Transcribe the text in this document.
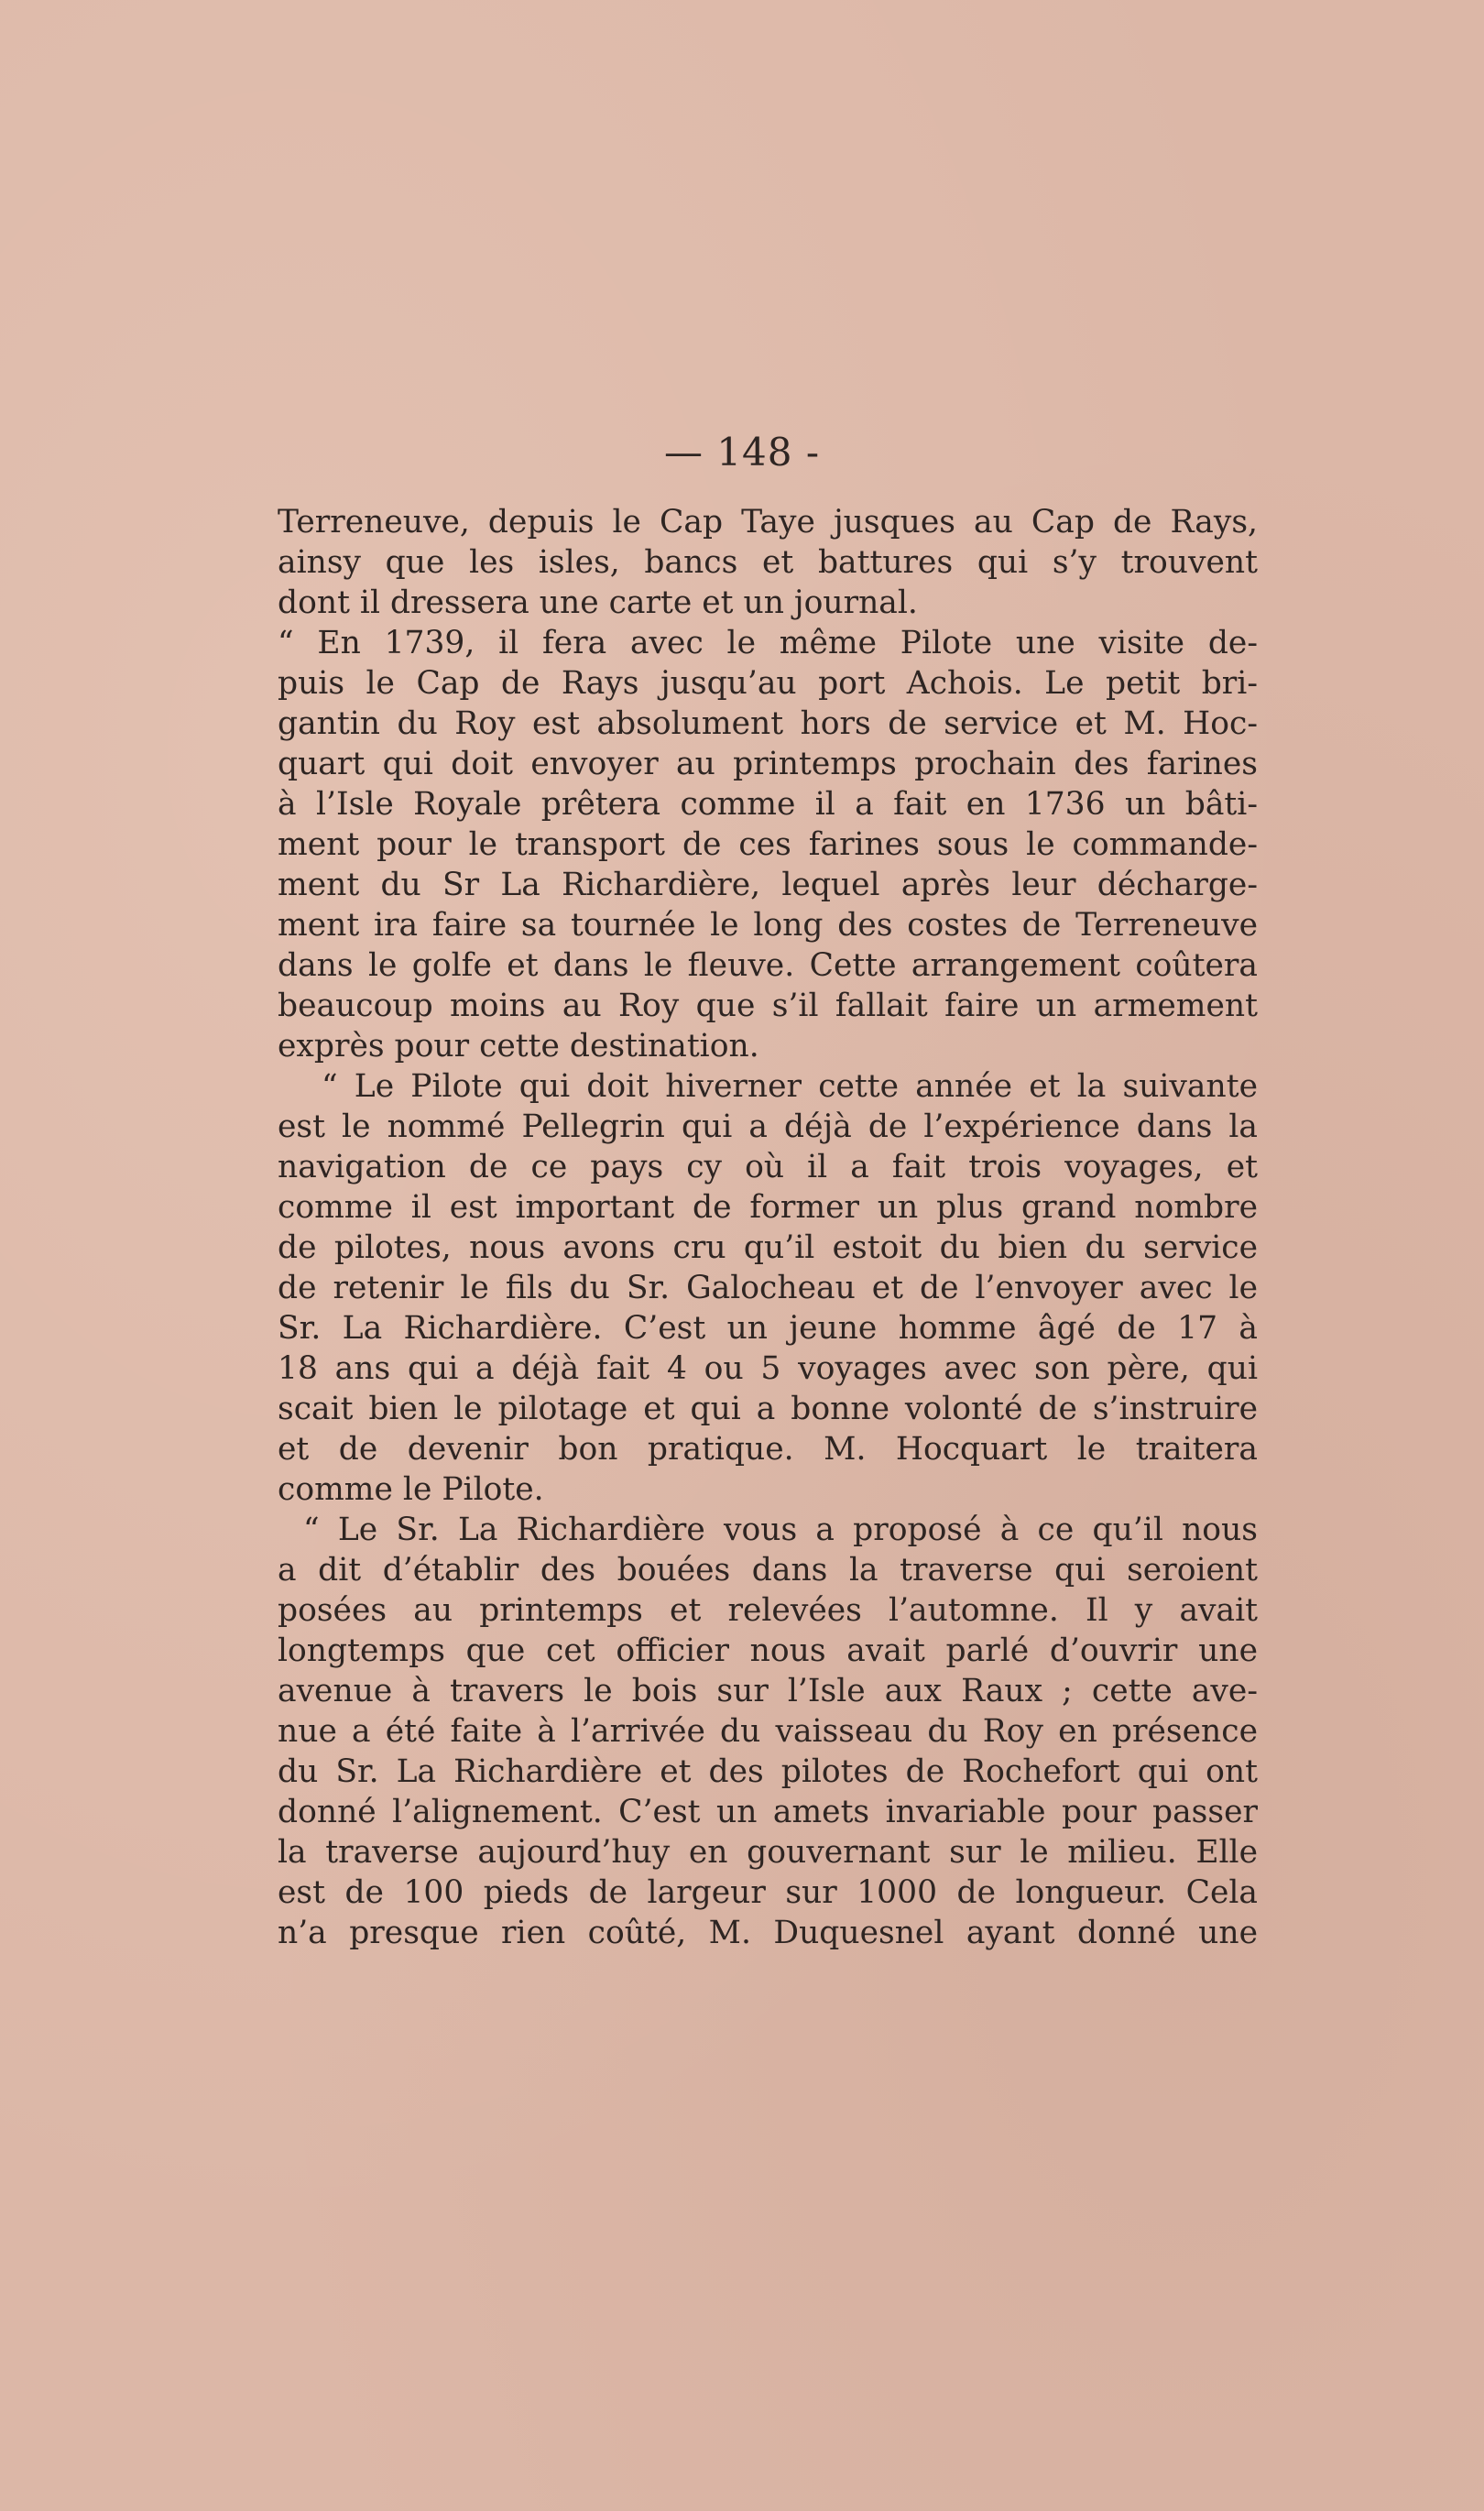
— 148 -
Terreneuve, depuis le Cap Taye jusques au Cap de Rays,
ainsy que les isles, bancs et battures qui s’y trouvent
dont il dressera une carte et un journal.
“ En 1739, il fera avec le même Pilote une visite de-
puis le Cap de Rays jusqu’au port Achois. Le petit bri-
gantin du Roy est absolument hors de service et M. Hoc-
quart qui doit envoyer au printemps prochain des farines
à l’Isle Royale prêtera comme il a fait en 1736 un bâti-
ment pour le transport de ces farines sous le commande-
ment du Sr La Richardière, lequel après leur décharge-
ment ira faire sa tournée le long des costes de Terreneuve
dans le golfe et dans le fleuve. Cette arrangement coûtera
beaucoup moins au Roy que s’il fallait faire un armement
exprès pour cette destination.
“ Le Pilote qui doit hiverner cette année et la suivante
est le nommé Pellegrin qui a déjà de l’expérience dans la
navigation de ce pays cy où il a fait trois voyages, et
comme il est important de former un plus grand nombre
de pilotes, nous avons cru qu’il estoit du bien du service
de retenir le fils du Sr. Galocheau et de l’envoyer avec le
Sr. La Richardière. C’est un jeune homme âgé de 17 à
18 ans qui a déjà fait 4 ou 5 voyages avec son père, qui
scait bien le pilotage et qui a bonne volonté de s’instruire
et de devenir bon pratique. M. Hocquart le traitera
comme le Pilote.
“ Le Sr. La Richardière vous a proposé à ce qu’il nous
a dit d’établir des bouées dans la traverse qui seroient
posées au printemps et relevées l’automne. Il y avait
longtemps que cet officier nous avait parlé d’ouvrir une
avenue à travers le bois sur l’Isle aux Raux ; cette ave-
nue a été faite à l’arrivée du vaisseau du Roy en présence
du Sr. La Richardière et des pilotes de Rochefort qui ont
donné l’alignement. C’est un amets invariable pour passer
la traverse aujourd’huy en gouvernant sur le milieu. Elle
est de 100 pieds de largeur sur 1000 de longueur. Cela
n’a presque rien coûté, M. Duquesnel ayant donné une
